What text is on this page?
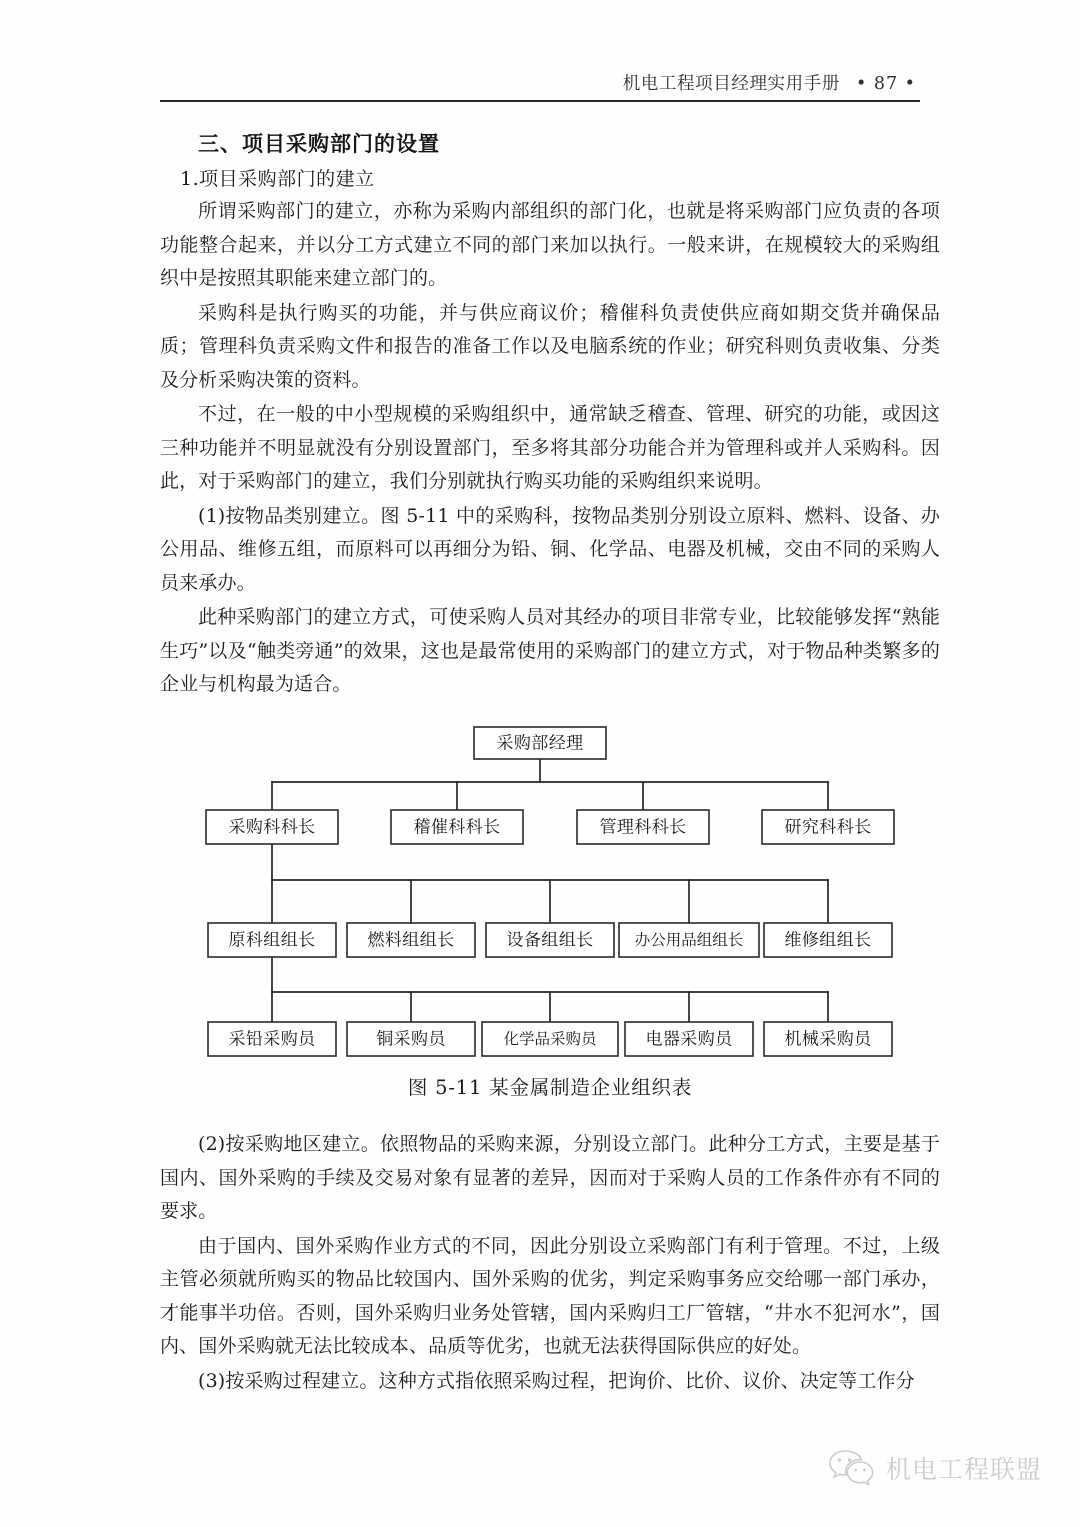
机电工程项目经理实用手册 • 87 •
三、项目采购部门的设置
1.项目采购部门的建立

所谓采购部门的建立，亦称为采购内部组织的部门化，也就是将采购部门应负责的各项功能整合起来，并以分工方式建立不同的部门来加以执行。一般来讲，在规模较大的采购组织中是按照其职能来建立部门的。

采购科是执行购买的功能，并与供应商议价；稽催科负责使供应商如期交货并确保品质；管理科负责采购文件和报告的准备工作以及电脑系统的作业；研究科则负责收集、分类及分析采购决策的资料。

不过，在一般的中小型规模的采购组织中，通常缺乏稽查、管理、研究的功能，或因这三种功能并不明显就没有分别设置部门，至多将其部分功能合并为管理科或并人采购科。因此，对于采购部门的建立，我们分别就执行购买功能的采购组织来说明。

(1)按物品类别建立。图 5-11 中的采购科，按物品类别分别设立原料、燃料、设备、办公用品、维修五组，而原料可以再细分为铅、铜、化学品、电器及机械，交由不同的采购人员来承办。

此种采购部门的建立方式，可使采购人员对其经办的项目非常专业，比较能够发挥“熟能生巧”以及“触类旁通”的效果，这也是最常使用的采购部门的建立方式，对于物品种类繁多的企业与机构最为适合。

采购部经理
采购科科长	稽催科科长	管理科科长	研究科科长
原科组组长	燃料组组长	设备组组长	办公用品组组长 维修组组长
采铅采购员	铜采购员	化学品采购员	电器采购员	机械采购员
图 5-11 某金属制造企业组织表

(2)按采购地区建立。依照物品的采购来源，分别设立部门。此种分工方式，主要是基于国内、国外采购的手续及交易对象有显著的差异，因而对于采购人员的工作条件亦有不同的要求。

由于国内、国外采购作业方式的不同，因此分别设立采购部门有利于管理。不过，上级主管必须就所购买的物品比较国内、国外采购的优劣，判定采购事务应交给哪一部门承办，才能事半功倍。否则，国外采购归业务处管辖，国内采购归工厂管辖，“井水不犯河水”，国内、国外采购就无法比较成本、品质等优劣，也就无法获得国际供应的好处。

(3)按采购过程建立。这种方式指依照采购过程，把询价、比价、议价、决定等工作分

机电工程联盟
